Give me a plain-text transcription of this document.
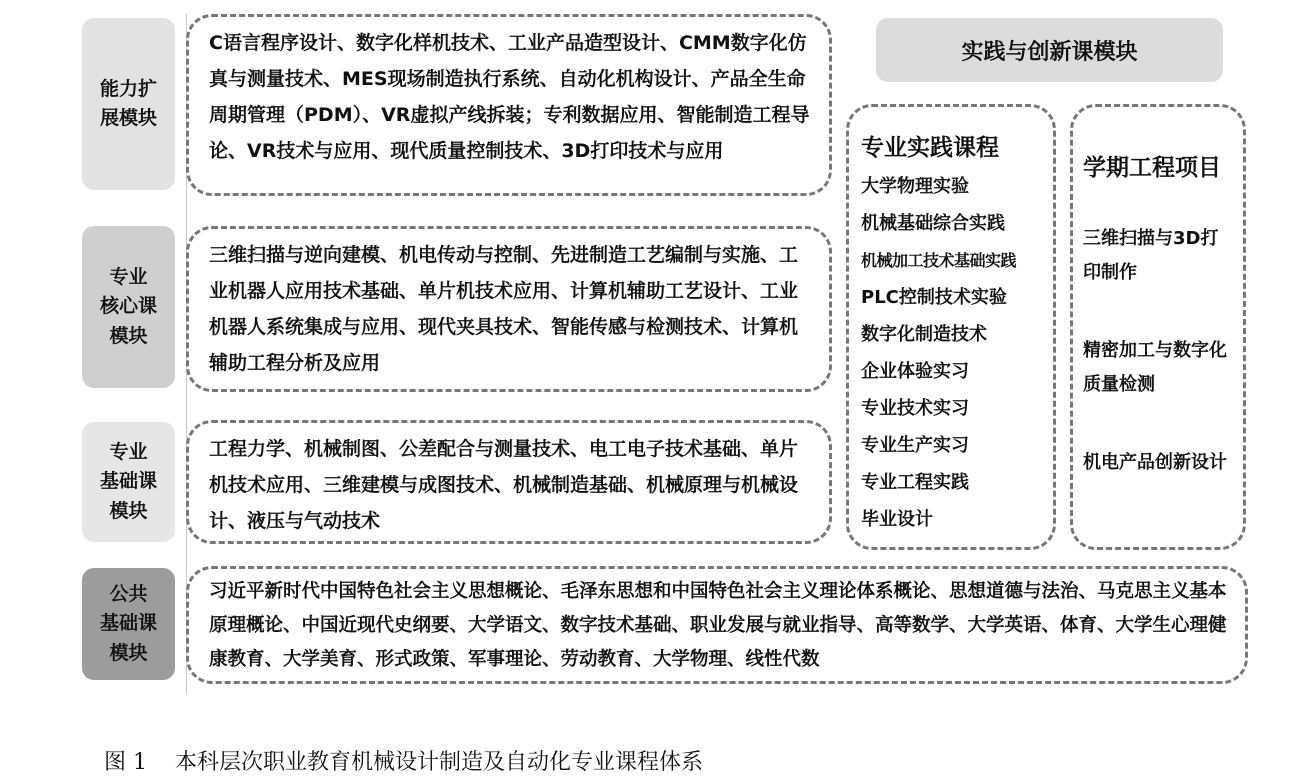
能力扩
展模块
专业
核心课
模块
专业
基础课
模块
公共
基础课
模块
C语言程序设计、数字化样机技术、工业产品造型设计、CMM数字化仿真与测量技术、MES现场制造执行系统、自动化机构设计、产品全生命周期管理（PDM）、VR虚拟产线拆装；专利数据应用、智能制造工程导论、VR技术与应用、现代质量控制技术、3D打印技术与应用
三维扫描与逆向建模、机电传动与控制、先进制造工艺编制与实施、工业机器人应用技术基础、单片机技术应用、计算机辅助工艺设计、工业机器人系统集成与应用、现代夹具技术、智能传感与检测技术、计算机辅助工程分析及应用
工程力学、机械制图、公差配合与测量技术、电工电子技术基础、单片机技术应用、三维建模与成图技术、机械制造基础、机械原理与机械设计、液压与气动技术
习近平新时代中国特色社会主义思想概论、毛泽东思想和中国特色社会主义理论体系概论、思想道德与法治、马克思主义基本原理概论、中国近现代史纲要、大学语文、数字技术基础、职业发展与就业指导、高等数学、大学英语、体育、大学生心理健康教育、大学美育、形式政策、军事理论、劳动教育、大学物理、线性代数
实践与创新课模块
专业实践课程
大学物理实验
机械基础综合实践
机械加工技术基础实践
PLC控制技术实验
数字化制造技术
企业体验实习
专业技术实习
专业生产实习
专业工程实践
毕业设计
学期工程项目
三维扫描与3D打印制作
精密加工与数字化质量检测
机电产品创新设计

图 1    本科层次职业教育机械设计制造及自动化专业课程体系
